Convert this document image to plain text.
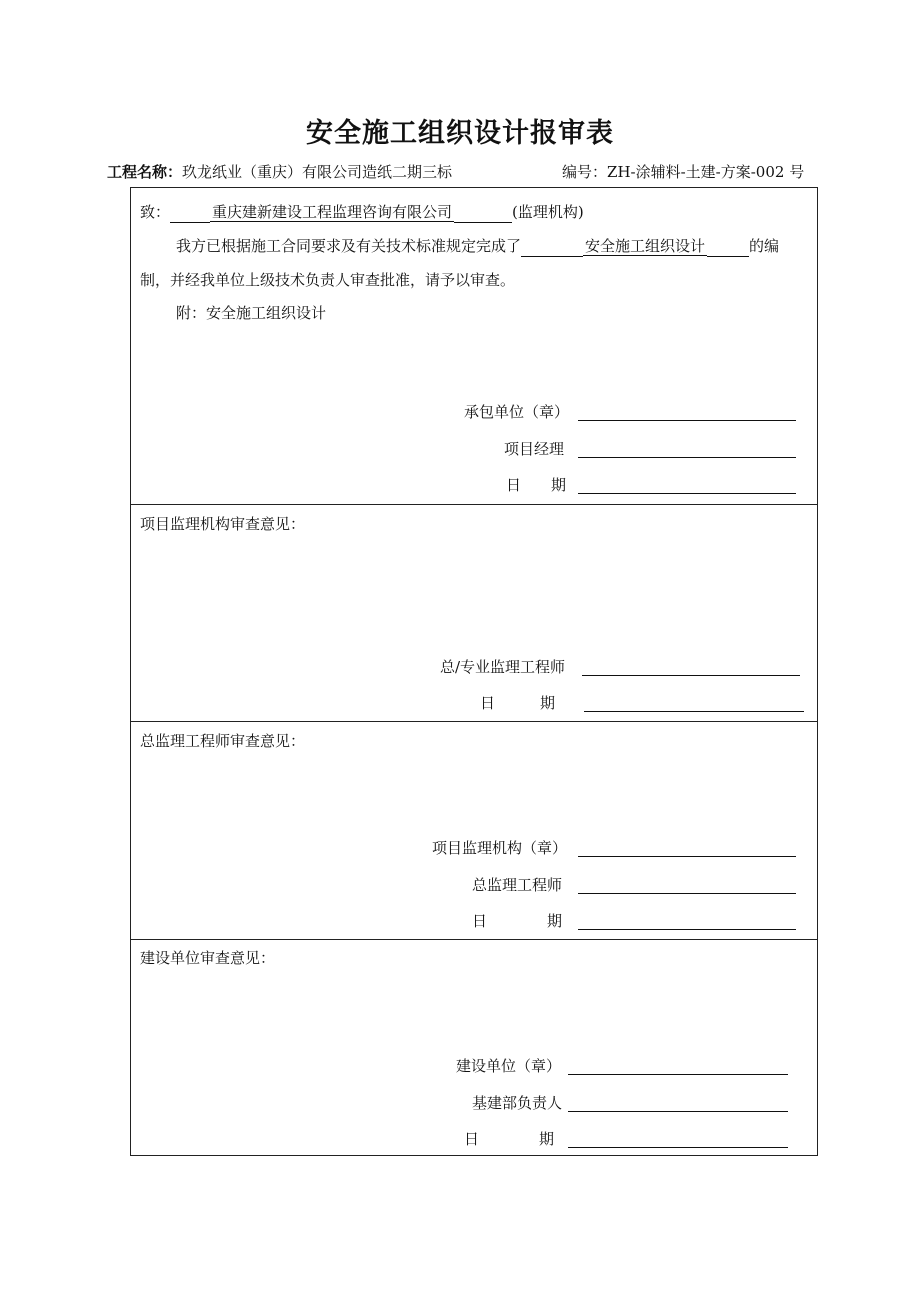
安全施工组织设计报审表
工程名称：玖龙纸业（重庆）有限公司造纸二期三标	编号：ZH-涂辅料-土建-方案-002 号
致：	重庆建新建设工程监理咨询有限公司	(监理机构)
我方已根据施工合同要求及有关技术标准规定完成了	安全施工组织设计	的编
制，并经我单位上级技术负责人审查批准，请予以审查。
附：安全施工组织设计
承包单位（章）
项目经理
日　　期
项目监理机构审查意见：
总/专业监理工程师
日　　　期
总监理工程师审查意见：
项目监理机构（章）
总监理工程师
日　　　　期
建设单位审查意见：
建设单位（章）
基建部负责人
日　　　　期
